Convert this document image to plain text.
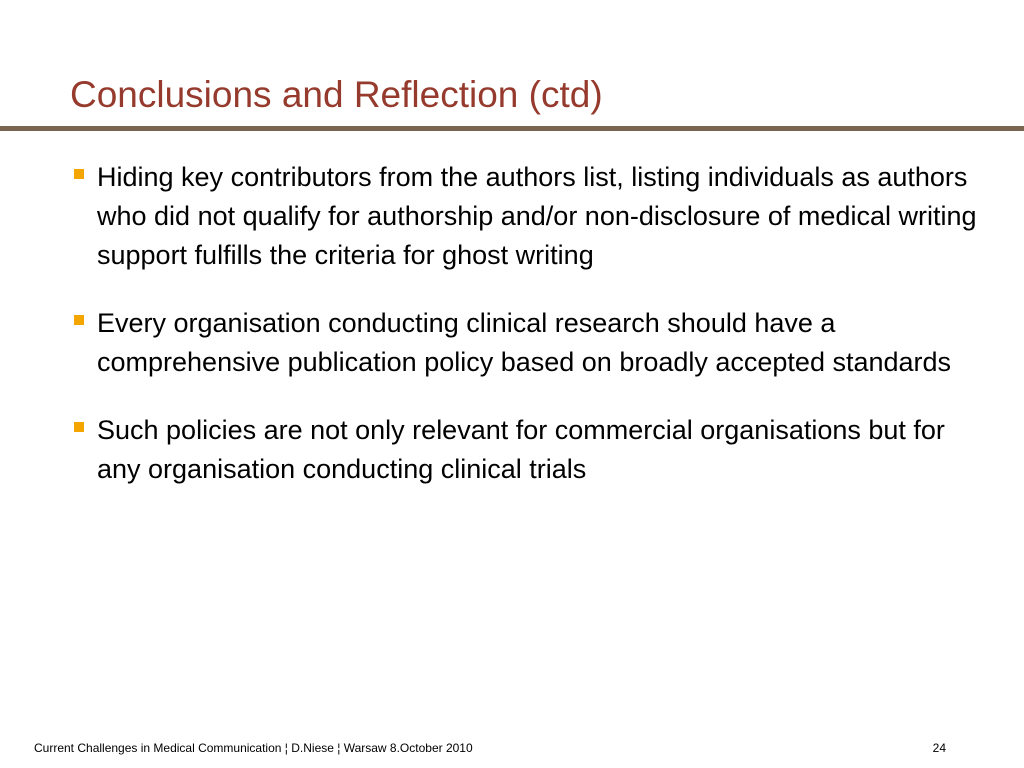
Conclusions and Reflection (ctd)
Hiding key contributors from the authors list, listing individuals as authors who did not qualify for authorship and/or non-disclosure of medical writing support fulfills the criteria for ghost writing
Every organisation conducting clinical research should have a comprehensive publication policy based on broadly accepted standards
Such policies are not only relevant for commercial organisations but for any organisation conducting clinical trials
Current Challenges in Medical Communication ¦ D.Niese ¦ Warsaw 8.October 2010	24
